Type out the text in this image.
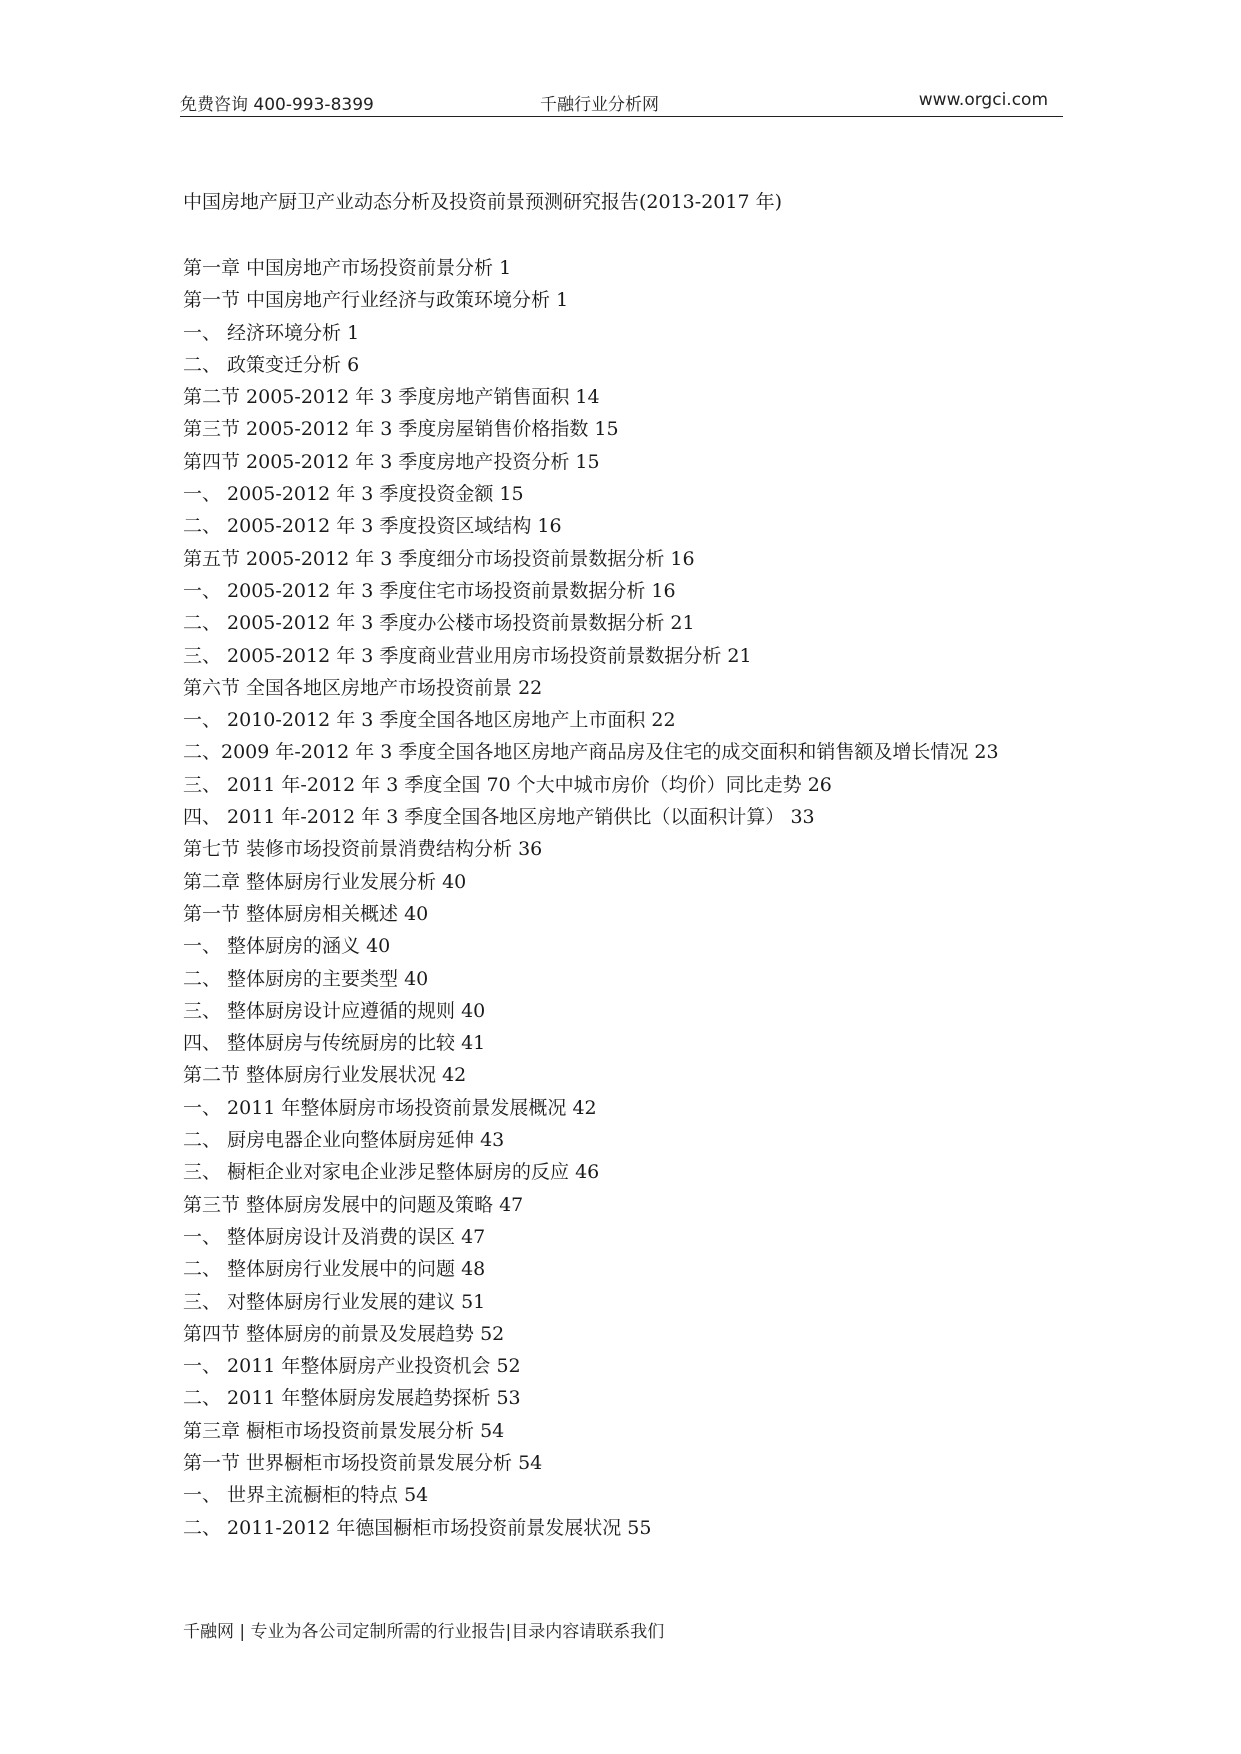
免费咨询 400-993-8399	千融行业分析网	www.orgci.com
中国房地产厨卫产业动态分析及投资前景预测研究报告(2013-2017 年)
第一章 中国房地产市场投资前景分析 1
第一节 中国房地产行业经济与政策环境分析 1
一、 经济环境分析 1
二、 政策变迁分析 6
第二节 2005-2012 年 3 季度房地产销售面积 14
第三节 2005-2012 年 3 季度房屋销售价格指数 15
第四节 2005-2012 年 3 季度房地产投资分析 15
一、 2005-2012 年 3 季度投资金额 15
二、 2005-2012 年 3 季度投资区域结构 16
第五节 2005-2012 年 3 季度细分市场投资前景数据分析 16
一、 2005-2012 年 3 季度住宅市场投资前景数据分析 16
二、 2005-2012 年 3 季度办公楼市场投资前景数据分析 21
三、 2005-2012 年 3 季度商业营业用房市场投资前景数据分析 21
第六节 全国各地区房地产市场投资前景 22
一、 2010-2012 年 3 季度全国各地区房地产上市面积 22
二、2009 年-2012 年 3 季度全国各地区房地产商品房及住宅的成交面积和销售额及增长情况 23
三、 2011 年-2012 年 3 季度全国 70 个大中城市房价（均价）同比走势 26
四、 2011 年-2012 年 3 季度全国各地区房地产销供比（以面积计算） 33
第七节 装修市场投资前景消费结构分析 36
第二章 整体厨房行业发展分析 40
第一节 整体厨房相关概述 40
一、 整体厨房的涵义 40
二、 整体厨房的主要类型 40
三、 整体厨房设计应遵循的规则 40
四、 整体厨房与传统厨房的比较 41
第二节 整体厨房行业发展状况 42
一、 2011 年整体厨房市场投资前景发展概况 42
二、 厨房电器企业向整体厨房延伸 43
三、 橱柜企业对家电企业涉足整体厨房的反应 46
第三节 整体厨房发展中的问题及策略 47
一、 整体厨房设计及消费的误区 47
二、 整体厨房行业发展中的问题 48
三、 对整体厨房行业发展的建议 51
第四节 整体厨房的前景及发展趋势 52
一、 2011 年整体厨房产业投资机会 52
二、 2011 年整体厨房发展趋势探析 53
第三章 橱柜市场投资前景发展分析 54
第一节 世界橱柜市场投资前景发展分析 54
一、 世界主流橱柜的特点 54
二、 2011-2012 年德国橱柜市场投资前景发展状况 55
千融网 | 专业为各公司定制所需的行业报告|目录内容请联系我们
